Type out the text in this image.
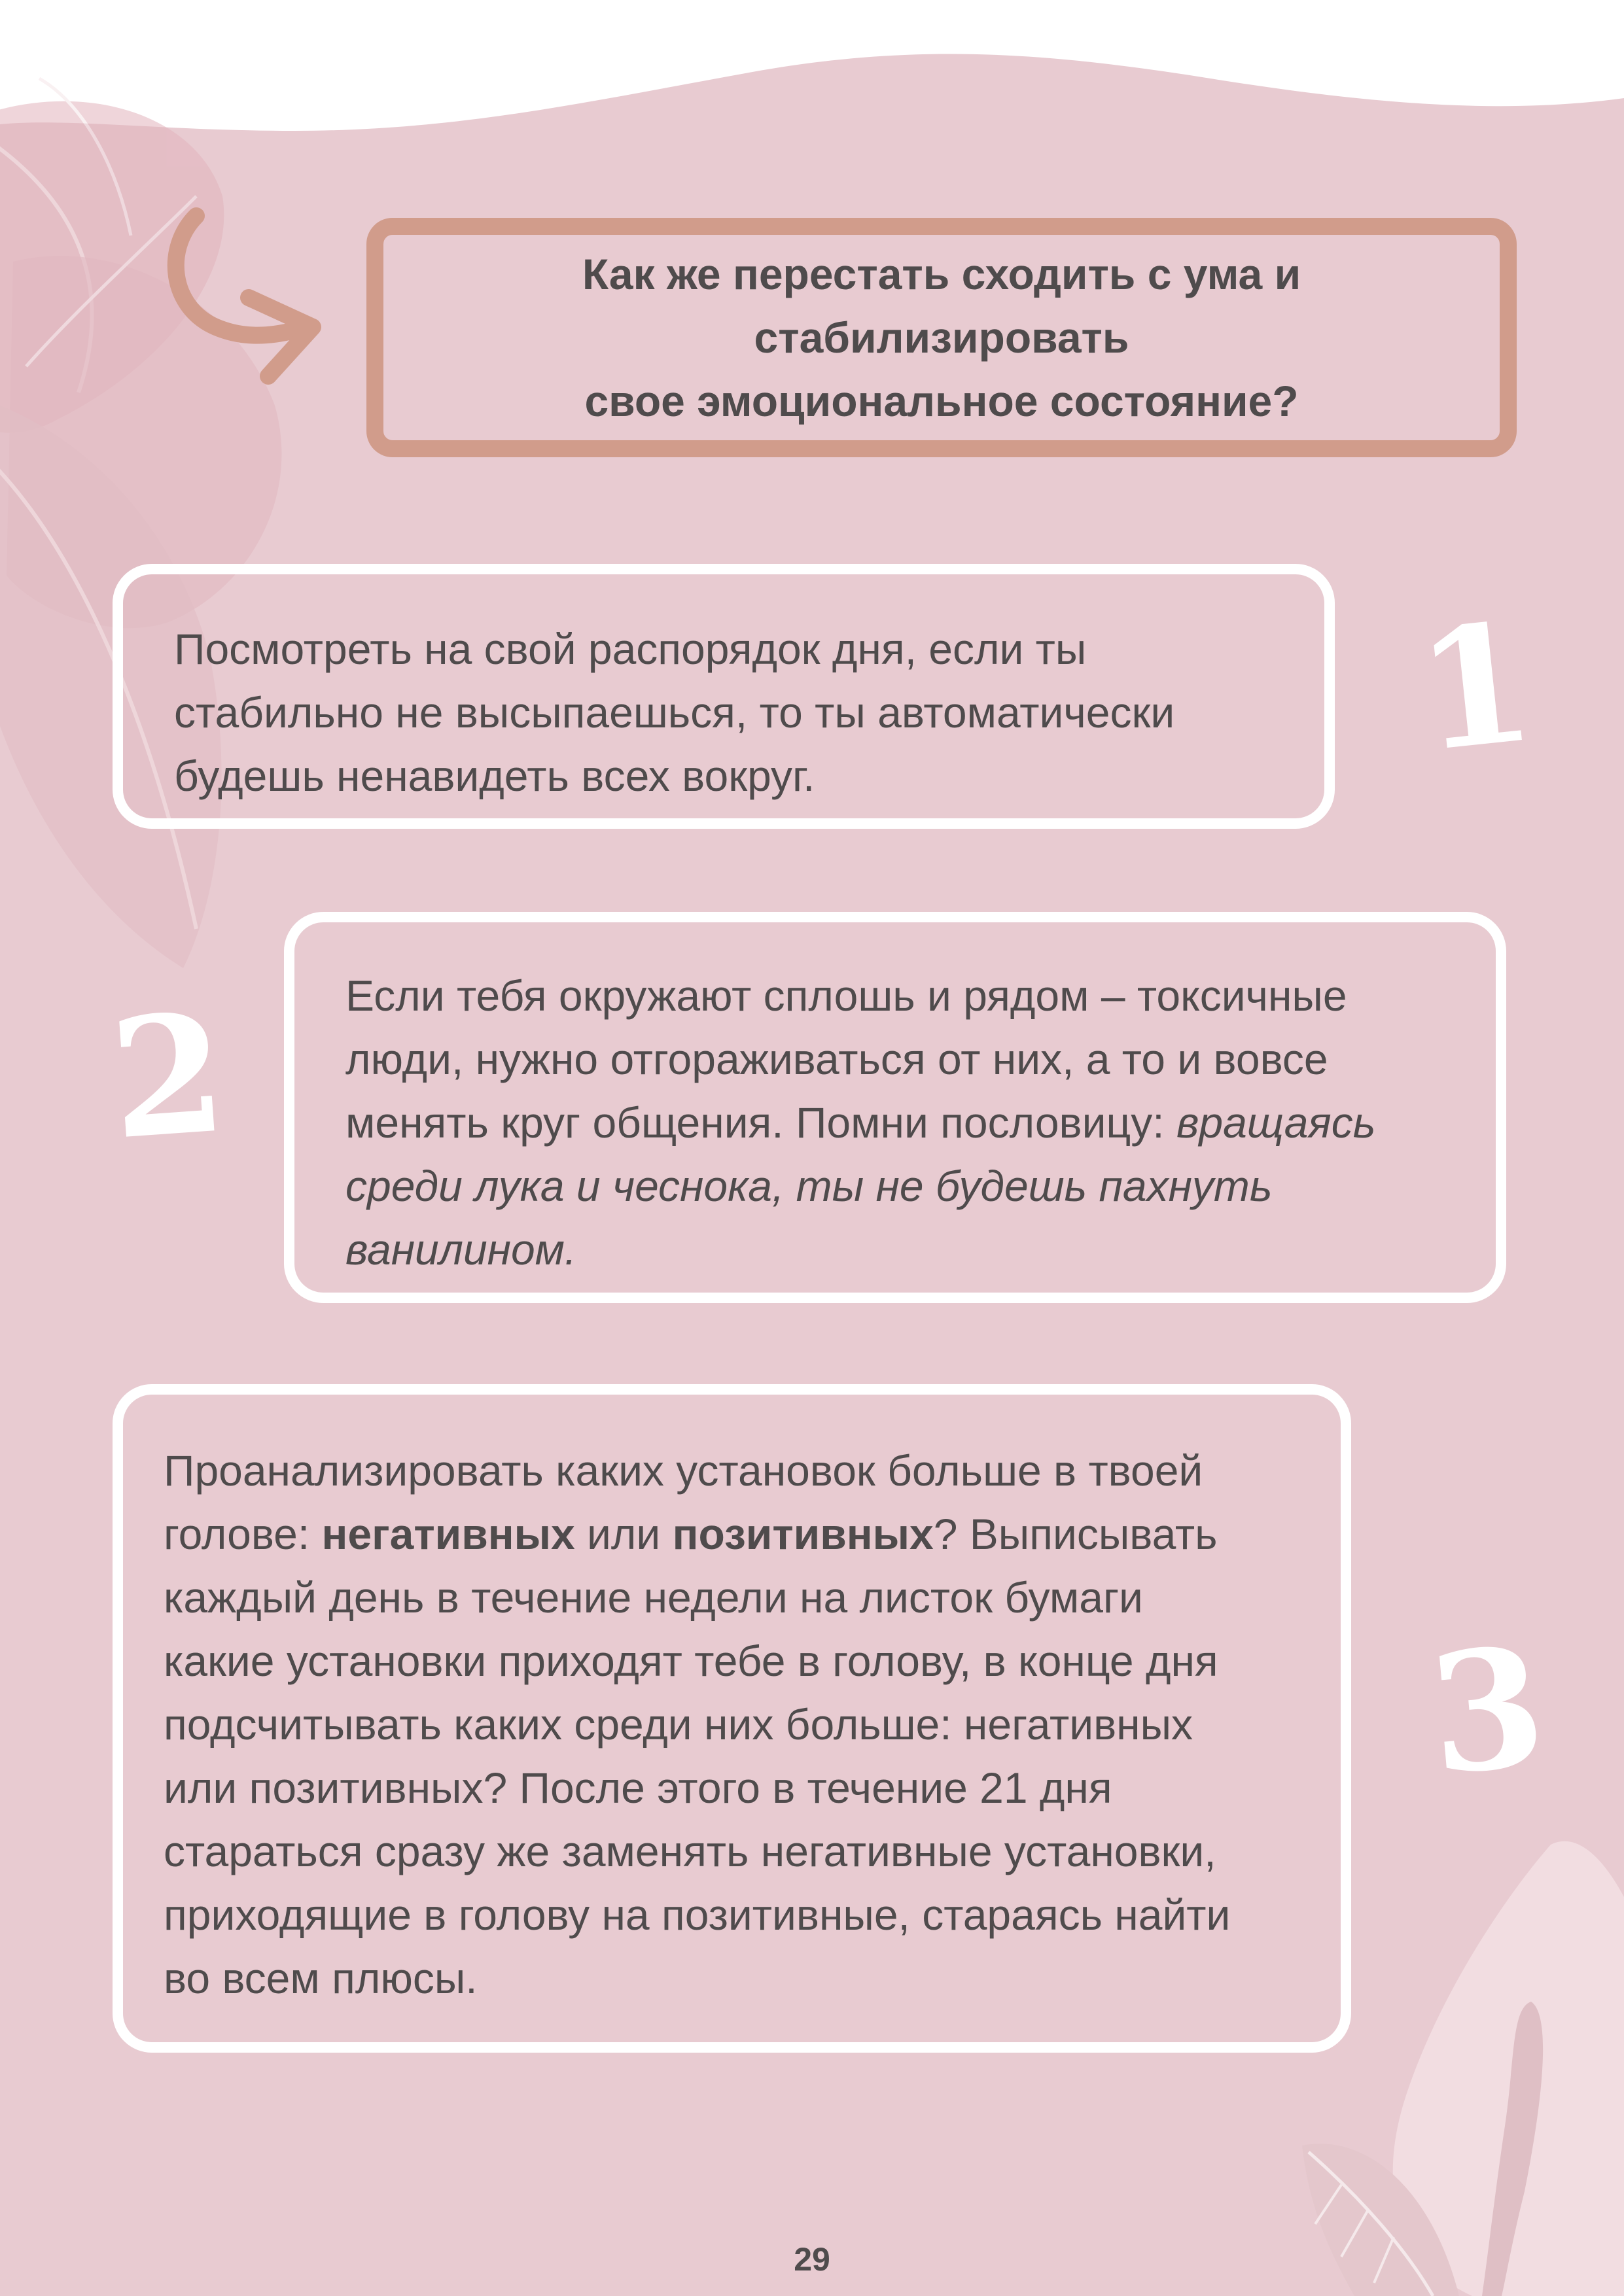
Как же перестать сходить с ума и
стабилизировать
свое эмоциональное состояние?

Посмотреть на свой распорядок дня, если ты
стабильно не высыпаешься, то ты автоматически
будешь ненавидеть всех вокруг.	1

Если тебя окружают сплошь и рядом – токсичные
люди, нужно отгораживаться от них, а то и вовсе
менять круг общения. Помни пословицу: вращаясь
среди лука и чеснока, ты не будешь пахнуть
ванилином.

2

Проанализировать каких установок больше в твоей
голове: негативных или позитивных? Выписывать
каждый день в течение недели на листок бумаги
какие установки приходят тебе в голову, в конце дня
подсчитывать каких среди них больше: негативных
или позитивных? После этого в течение 21 дня
стараться сразу же заменять негативные установки,
приходящие в голову на позитивные, стараясь найти
во всем плюсы.

3
29
